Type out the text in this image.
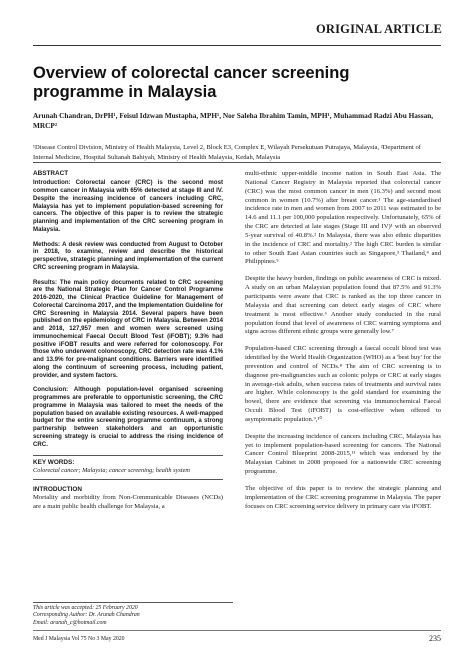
ORIGINAL ARTICLE
Overview of colorectal cancer screening programme in Malaysia
Arunah Chandran, DrPH¹, Feisul Idzwan Mustapha, MPH¹, Nor Saleha Ibrahim Tamin, MPH¹, Muhammad Radzi Abu Hassan, MRCP²
¹Disease Control Division, Ministry of Health Malaysia, Level 2, Block E3, Complex E, Wilayah Persekutuan Putrajaya, Malaysia, ²Department of Internal Medicine, Hospital Sultanah Bahiyah, Ministry of Health Malaysia, Kedah, Malaysia
ABSTRACT

Introduction: Colorectal cancer (CRC) is the second most common cancer in Malaysia with 65% detected at stage III and IV. Despite the increasing incidence of cancers including CRC, Malaysia has yet to implement population-based screening for cancers. The objective of this paper is to review the strategic planning and implementation of the CRC screening program in Malaysia.

Methods: A desk review was conducted from August to October in 2018, to examine, review and describe the historical perspective, strategic planning and implementation of the current CRC screening program in Malaysia.

Results: The main policy documents related to CRC screening are the National Strategic Plan for Cancer Control Programme 2016-2020, the Clinical Practice Guideline for Management of Colorectal Carcinoma 2017, and the Implementation Guideline for CRC Screening in Malaysia 2014. Several papers have been published on the epidemiology of CRC in Malaysia. Between 2014 and 2018, 127,957 men and women were screened using immunochemical Faecal Occult Blood Test (iFOBT); 9.3% had positive iFOBT results and were referred for colonoscopy. For those who underwent colonoscopy, CRC detection rate was 4.1% and 13.9% for pre-malignant conditions. Barriers were identified along the continuum of screening process, including patient, provider, and system factors.

Conclusion: Although population-level organised screening programmes are preferable to opportunistic screening, the CRC programme in Malaysia was tailored to meet the needs of the population based on available existing resources. A well-mapped budget for the entire screening programme continuum, a strong partnership between stakeholders and an opportunistic screening strategy is crucial to address the rising incidence of CRC.

KEY WORDS:
Colorectal cancer; Malaysia; cancer screening; health system
INTRODUCTION

Mortality and morbidity from Non-Communicable Diseases (NCDs) are a main public health challenge for Malaysia, a

multi-ethnic upper-middle income nation in South East Asia. The National Cancer Registry in Malaysia reported that colorectal cancer (CRC) was the most common cancer in men (16.3%) and second most common in women (10.7%) after breast cancer.¹ The age-standardised incidence rate in men and women from 2007 to 2011 was estimated to be 14.6 and 11.1 per 100,000 population respectively. Unfortunately, 65% of the CRC are detected at late stages (Stage III and IV)¹ with an observed 5-year survival of 40.8%.² In Malaysia, there was also ethnic disparities in the incidence of CRC and mortality.² The high CRC burden is similar to other South East Asian countries such as Singapore,³ Thailand,⁴ and Philippines.⁵

Despite the heavy burden, findings on public awareness of CRC is mixed. A study on an urban Malaysian population found that 87.5% and 91.3% participants were aware that CRC is ranked as the top three cancer in Malaysia and that screening can detect early stages of CRC where treatment is most effective.⁶ Another study conducted in the rural population found that level of awareness of CRC warning symptoms and signs across different ethnic groups were generally low.⁷

Population-based CRC screening through a faecal occult blood test was identified by the World Health Organization (WHO) as a 'best buy' for the prevention and control of NCDs.⁸ The aim of CRC screening is to diagnose pre-malignancies such as colonic polyps or CRC at early stages in average-risk adults, when success rates of treatments and survival rates are higher. While colonoscopy is the gold standard for examining the bowel, there are evidence that screening via immunochemical Faecal Occult Blood Test (iFOBT) is cost-effective when offered to asymptomatic population.⁹,¹⁰

Despite the increasing incidence of cancers including CRC, Malaysia has yet to implement population-based screening for cancers. The National Cancer Control Blueprint 2008-2015,¹¹ which was endorsed by the Malaysian Cabinet in 2008 proposed for a nationwide CRC screening programme.

The objective of this paper is to review the strategic planning and implementation of the CRC screening programme in Malaysia. The paper focuses on CRC screening service delivery in primary care via iFOBT.

This article was accepted: 25 February 2020
Corresponding Author: Dr. Arunah Chandran
Email: arunah_c@hotmail.com
Med J Malaysia Vol 75 No 3 May 2020	235
